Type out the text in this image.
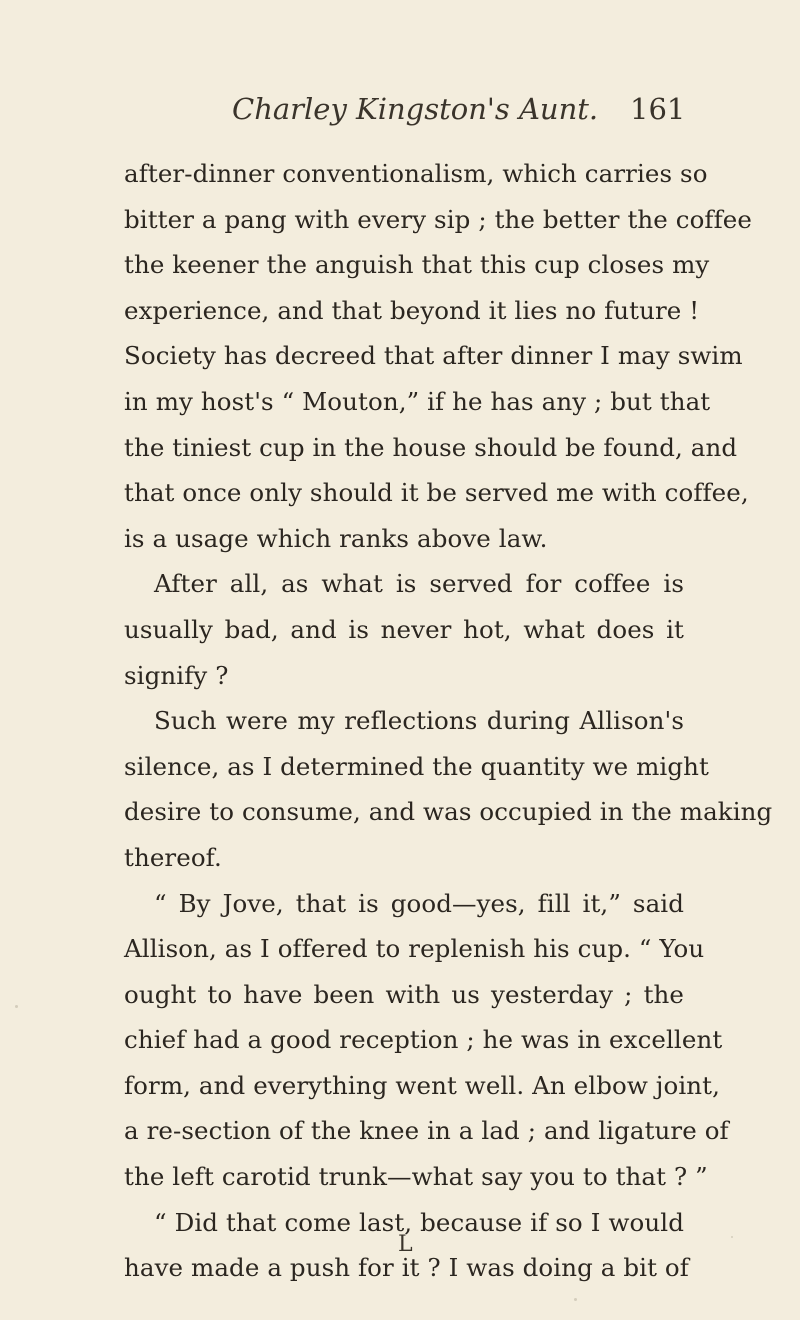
Charley Kingston's Aunt. 161
after-dinner conventionalism, which carries so
bitter a pang with every sip ; the better the coffee
the keener the anguish that this cup closes my
experience, and that beyond it lies no future !
Society has decreed that after dinner I may swim
in my host's “ Mouton,” if he has any ; but that
the tiniest cup in the house should be found, and
that once only should it be served me with coffee,
is a usage which ranks above law.
After all, as what is served for coffee is
usually bad, and is never hot, what does it
signify ?
Such were my reflections during Allison's
silence, as I determined the quantity we might
desire to consume, and was occupied in the making
thereof.
“ By Jove, that is good—yes, fill it,” said
Allison, as I offered to replenish his cup. “ You
ought to have been with us yesterday ; the
chief had a good reception ; he was in excellent
form, and everything went well. An elbow joint,
a re-section of the knee in a lad ; and ligature of
the left carotid trunk—what say you to that ? ”
“ Did that come last, because if so I would
have made a push for it ? I was doing a bit of
L
